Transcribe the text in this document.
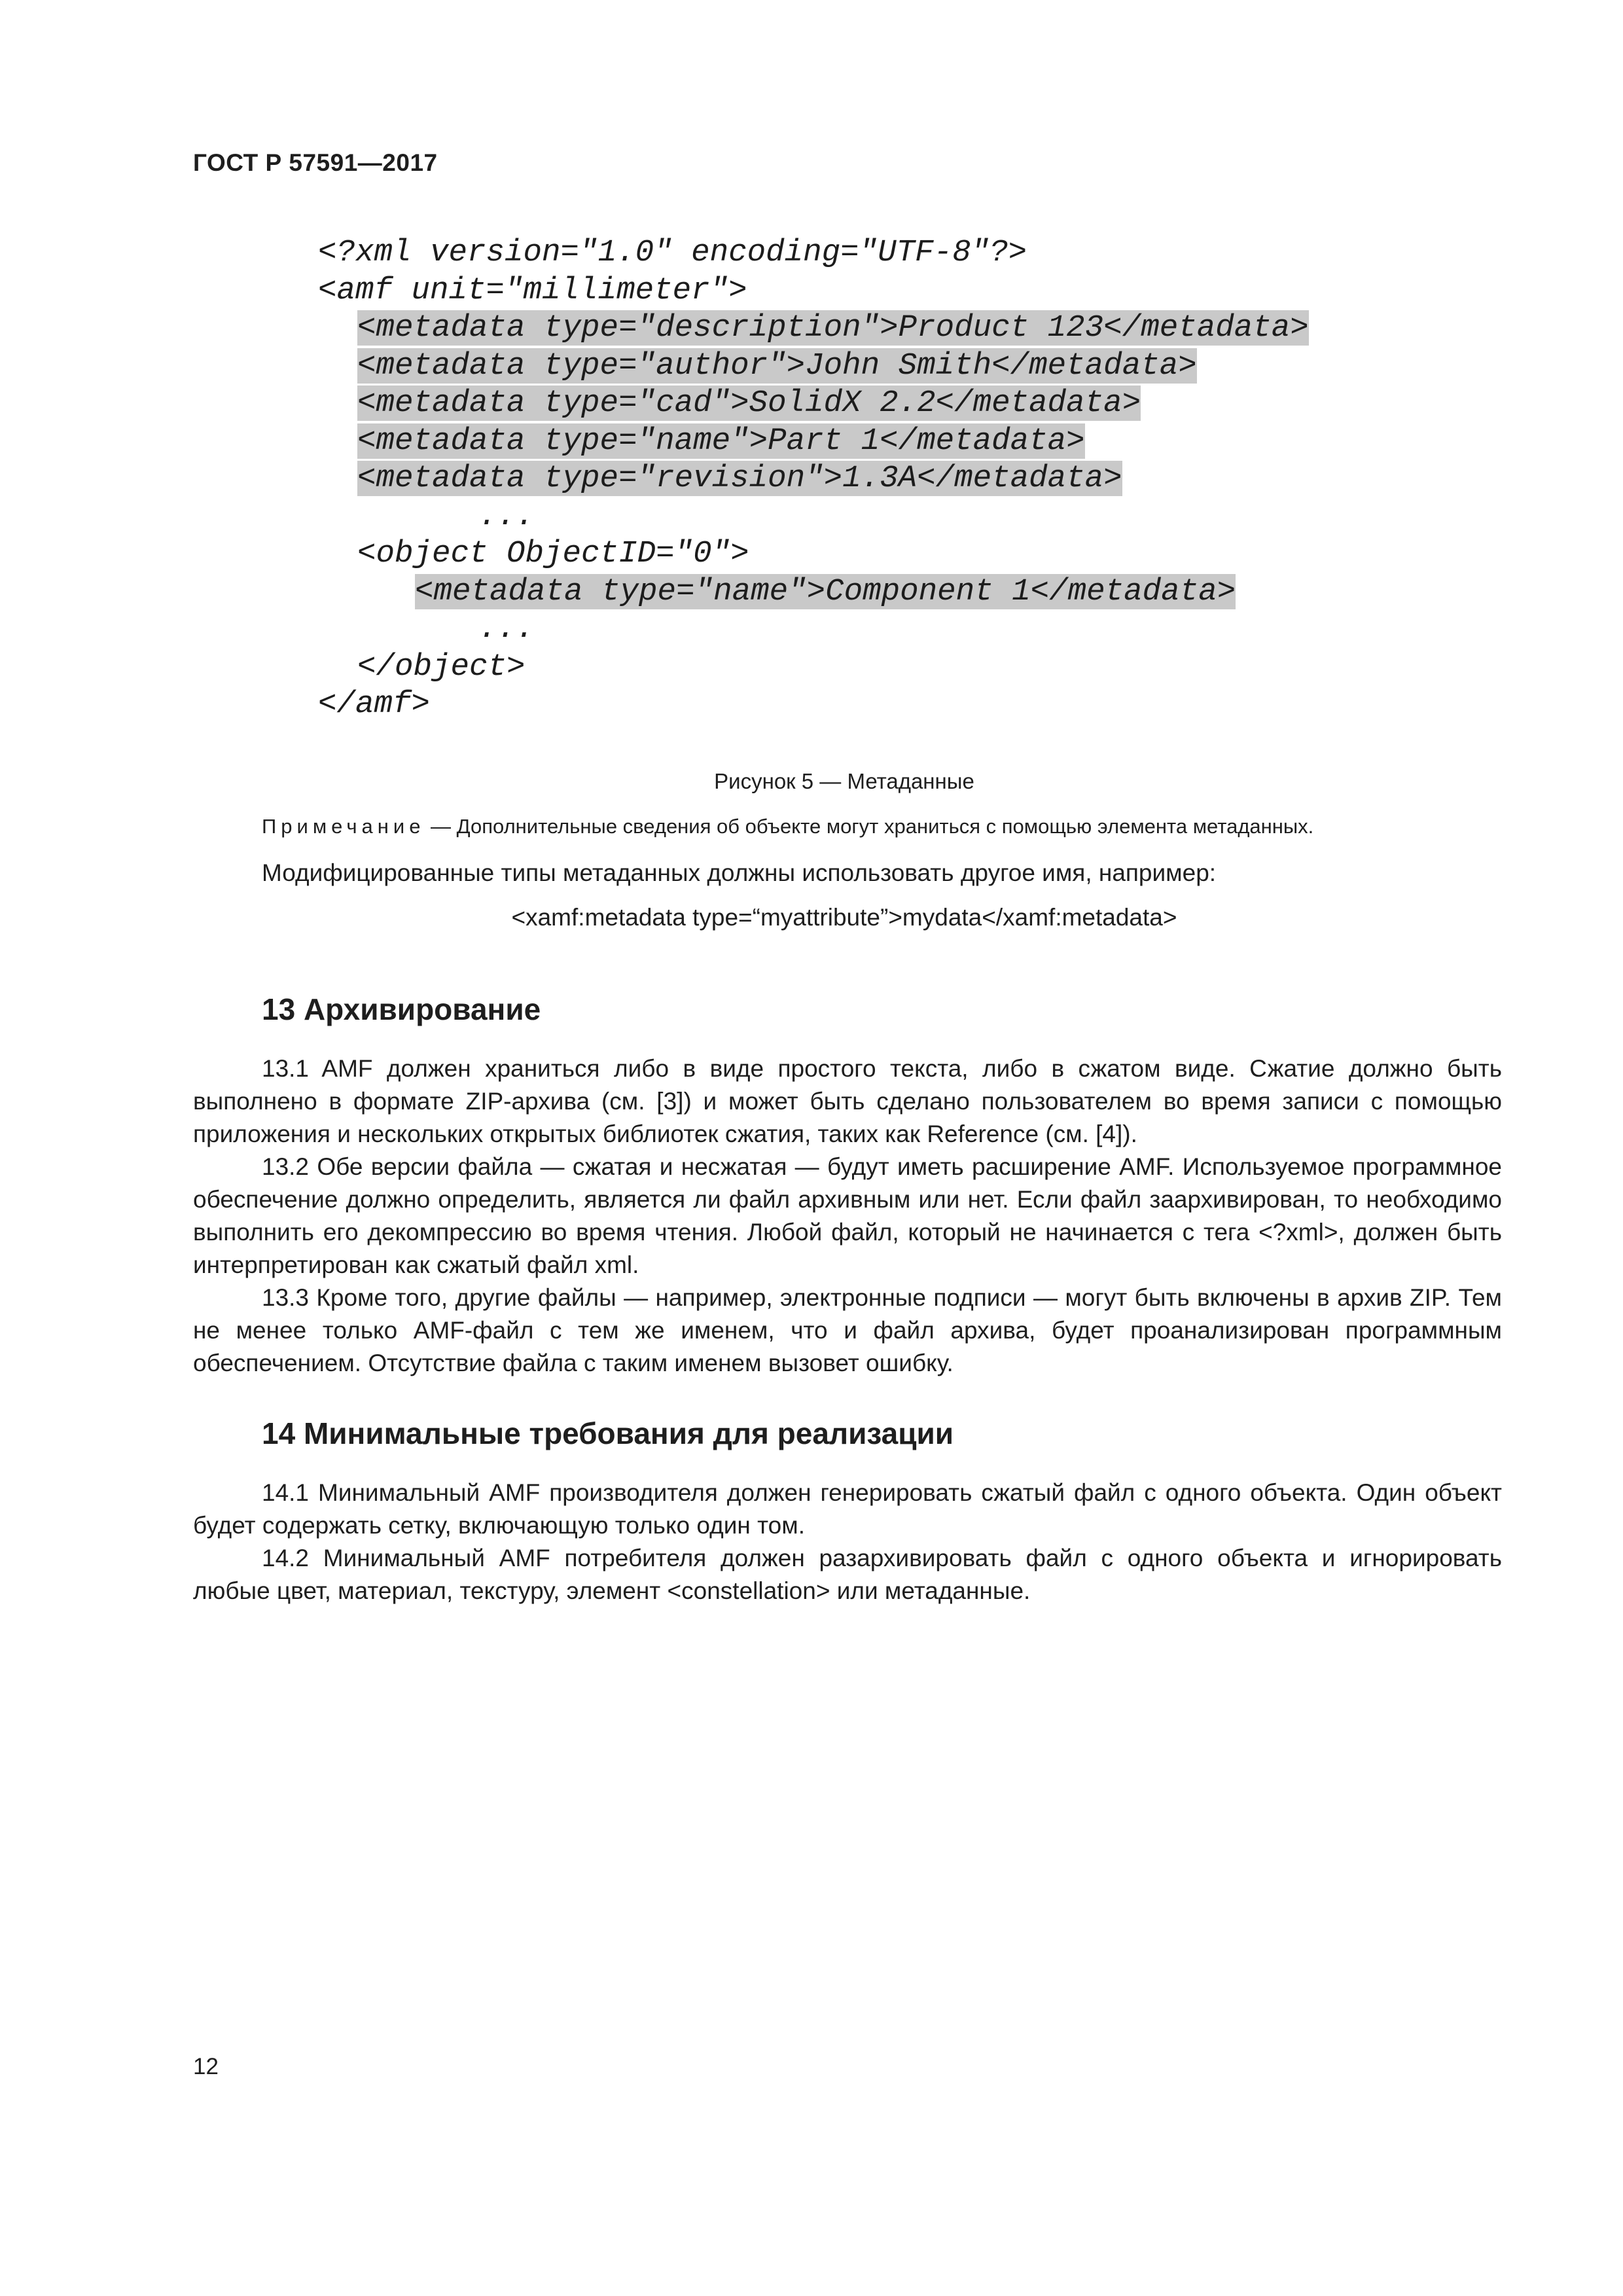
ГОСТ Р 57591—2017
<?xml version="1.0" encoding="UTF-8"?>
<amf unit="millimeter">
<metadata type="description">Product 123</metadata>
<metadata type="author">John Smith</metadata>
<metadata type="cad">SolidX 2.2</metadata>
<metadata type="name">Part 1</metadata>
<metadata type="revision">1.3A</metadata>
...
<object ObjectID="0">
<metadata type="name">Component 1</metadata>
...
</object>
</amf>
Рисунок 5 — Метаданные
Примечание — Дополнительные сведения об объекте могут храниться с помощью элемента метаданных.
Модифицированные типы метаданных должны использовать другое имя, например:
<xamf:metadata type=“myattribute”>mydata</xamf:metadata>
13 Архивирование

13.1 AMF должен храниться либо в виде простого текста, либо в сжатом виде. Сжатие должно быть выполнено в формате ZIP-архива (см. [3]) и может быть сделано пользователем во время записи с помощью приложения и нескольких открытых библиотек сжатия, таких как Reference (см. [4]).

13.2 Обе версии файла — сжатая и несжатая — будут иметь расширение AMF. Используемое программное обеспечение должно определить, является ли файл архивным или нет. Если файл заархивирован, то необходимо выполнить его декомпрессию во время чтения. Любой файл, который не начинается с тега <?xml>, должен быть интерпретирован как сжатый файл xml.

13.3 Кроме того, другие файлы — например, электронные подписи — могут быть включены в архив ZIP. Тем не менее только AMF-файл с тем же именем, что и файл архива, будет проанализирован программным обеспечением. Отсутствие файла с таким именем вызовет ошибку.

14 Минимальные требования для реализации

14.1 Минимальный AMF производителя должен генерировать сжатый файл с одного объекта. Один объект будет содержать сетку, включающую только один том.

14.2 Минимальный AMF потребителя должен разархивировать файл с одного объекта и игнорировать любые цвет, материал, текстуру, элемент <constellation> или метаданные.

12
